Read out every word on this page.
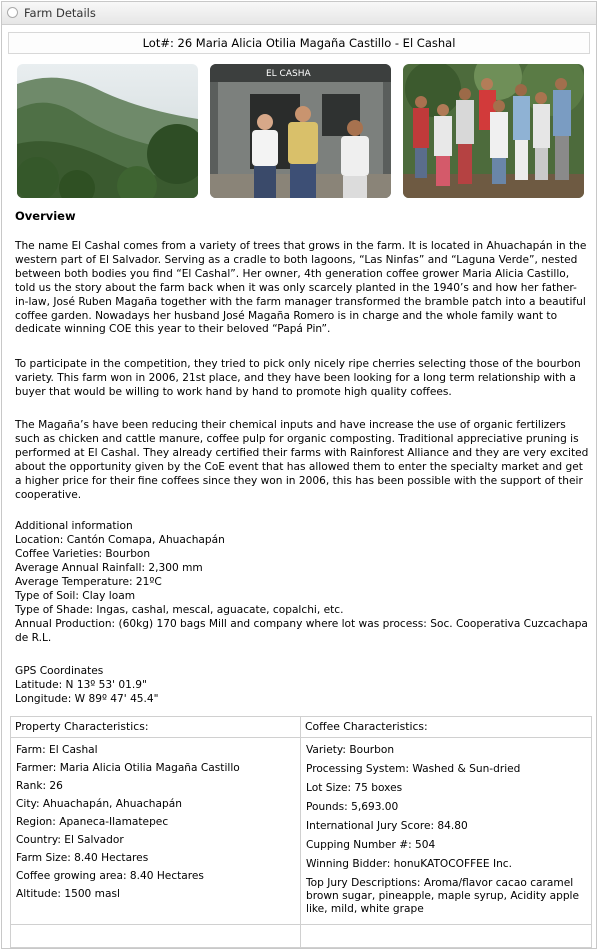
Farm Details
Lot#: 26 Maria Alicia Otilia Magaña Castillo - El Cashal
EL CASHA
Overview

The name El Cashal comes from a variety of trees that grows in the farm. It is located in Ahuachapán in the western part of El Salvador. Serving as a cradle to both lagoons, “Las Ninfas” and “Laguna Verde”, nested between both bodies you find “El Cashal”. Her owner, 4th generation coffee grower Maria Alicia Castillo, told us the story about the farm back when it was only scarcely planted in the 1940’s and how her father-in-law, José Ruben Magaña together with the farm manager transformed the bramble patch into a beautiful coffee garden. Nowadays her husband José Magaña Romero is in charge and the whole family want to dedicate winning COE this year to their beloved “Papá Pin”.

To participate in the competition, they tried to pick only nicely ripe cherries selecting those of the bourbon variety. This farm won in 2006, 21st place, and they have been looking for a long term relationship with a buyer that would be willing to work hand by hand to promote high quality coffees.

The Magaña’s have been reducing their chemical inputs and have increase the use of organic fertilizers such as chicken and cattle manure, coffee pulp for organic composting. Traditional appreciative pruning is performed at El Cashal. They already certified their farms with Rainforest Alliance and they are very excited about the opportunity given by the CoE event that has allowed them to enter the specialty market and get a higher price for their fine coffees since they won in 2006, this has been possible with the support of their cooperative.

Additional information
Location: Cantón Comapa, Ahuachapán
Coffee Varieties: Bourbon
Average Annual Rainfall: 2,300 mm
Average Temperature: 21ºC
Type of Soil: Clay loam
Type of Shade: Ingas, cashal, mescal, aguacate, copalchi, etc.
Annual Production: (60kg) 170 bags Mill and company where lot was process: Soc. Cooperativa Cuzcachapa de R.L.
GPS Coordinates
Latitude: N 13º 53' 01.9"
Longitude: W 89º 47' 45.4"
Property Characteristics:
Farm: El Cashal
Farmer: Maria Alicia Otilia Magaña Castillo
Rank: 26
City: Ahuachapán, Ahuachapán
Region: Apaneca-Ilamatepec
Country: El Salvador
Farm Size: 8.40 Hectares
Coffee growing area: 8.40 Hectares
Altitude: 1500 masl
Coffee Characteristics:
Variety: Bourbon
Processing System: Washed & Sun-dried
Lot Size: 75 boxes
Pounds: 5,693.00
International Jury Score: 84.80
Cupping Number #: 504
Winning Bidder: honuKATOCOFFEE Inc.
Top Jury Descriptions: Aroma/flavor cacao caramel brown sugar, pineapple, maple syrup, Acidity apple like, mild, white grape
